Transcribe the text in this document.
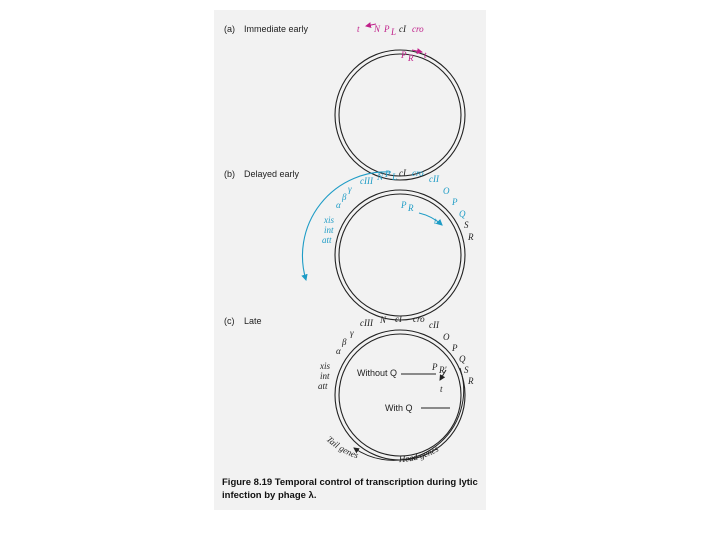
(a) Immediate early	t N P L cI cro
P R t
(b) Delayed early
cIII N P L cI cro
cII
O
P
Q
S
R
γ
β
α
xis
int
att
P R
t
(c) Late	cIII N cI cro
cII
O
P
Q
S
R
γ
β
α
xis
int
att
P R'
t
Without Q
With Q
Tail genes	Head genes
Figure 8.19 Temporal control of transcription during lytic
infection by phage λ.
